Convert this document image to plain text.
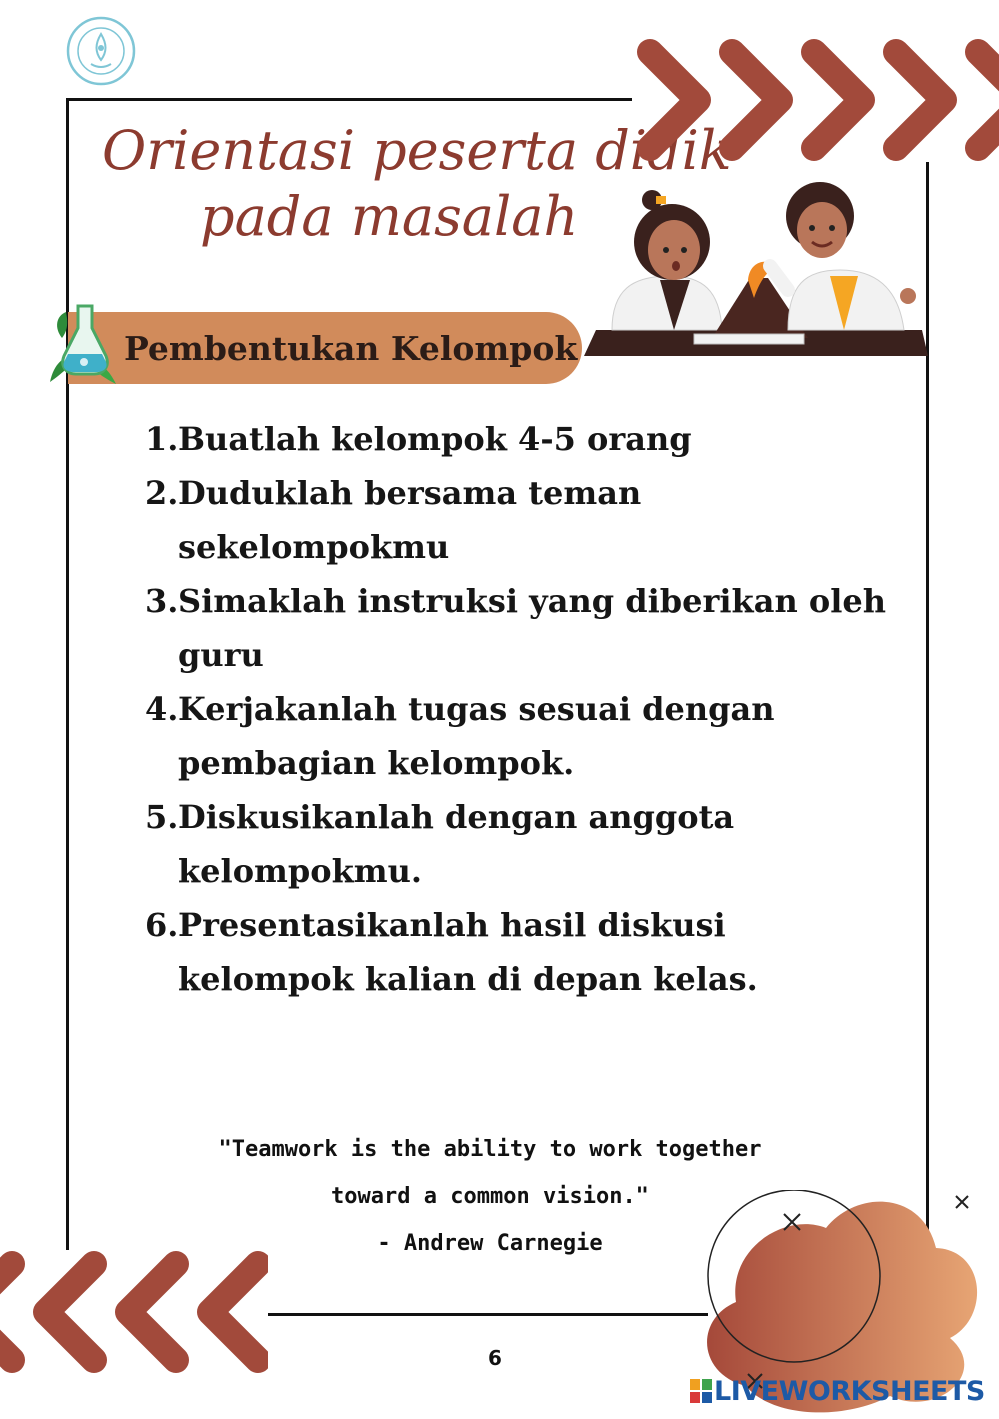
Orientasi peserta didik
pada masalah
Pembentukan Kelompok
1. Buatlah kelompok 4-5 orang
2. Duduklah bersama teman sekelompokmu
3. Simaklah instruksi yang diberikan oleh guru
4. Kerjakanlah tugas sesuai dengan pembagian kelompok.
5. Diskusikanlah dengan anggota kelompokmu.
6. Presentasikanlah hasil diskusi kelompok kalian di depan kelas.
"Teamwork is the ability to work together
toward a common vision."
- Andrew Carnegie
6
LIVEWORKSHEETS
